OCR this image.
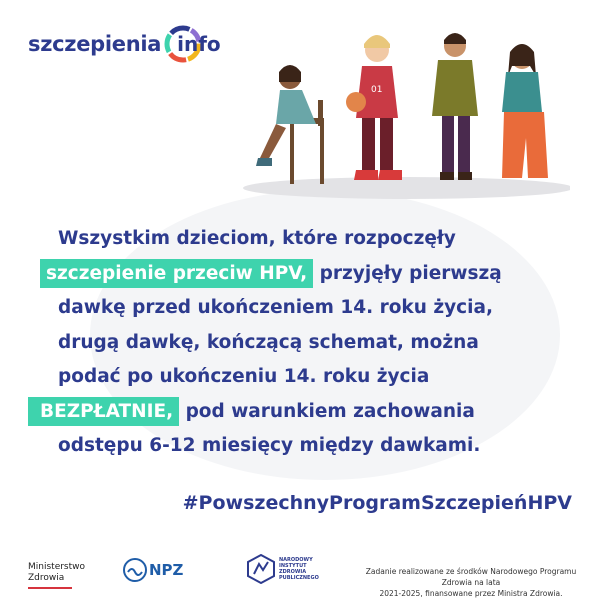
szczepienia info
01
Wszystkim dzieciom, które rozpoczęły
szczepienie przeciw HPV, przyjęły pierwszą
dawkę przed ukończeniem 14. roku życia,
drugą dawkę, kończącą schemat, można
podać po ukończeniu 14. roku życia
BEZPŁATNIE, pod warunkiem zachowania
odstępu 6-12 miesięcy między dawkami.
#PowszechnyProgramSzczepieńHPV
Ministerstwo
Zdrowia	NPZ
NARODOWY INSTYTUT ZDROWIA PUBLICZNEGO
Zadanie realizowane ze środków Narodowego Programu Zdrowia na lata
2021-2025, finansowane przez Ministra Zdrowia.
